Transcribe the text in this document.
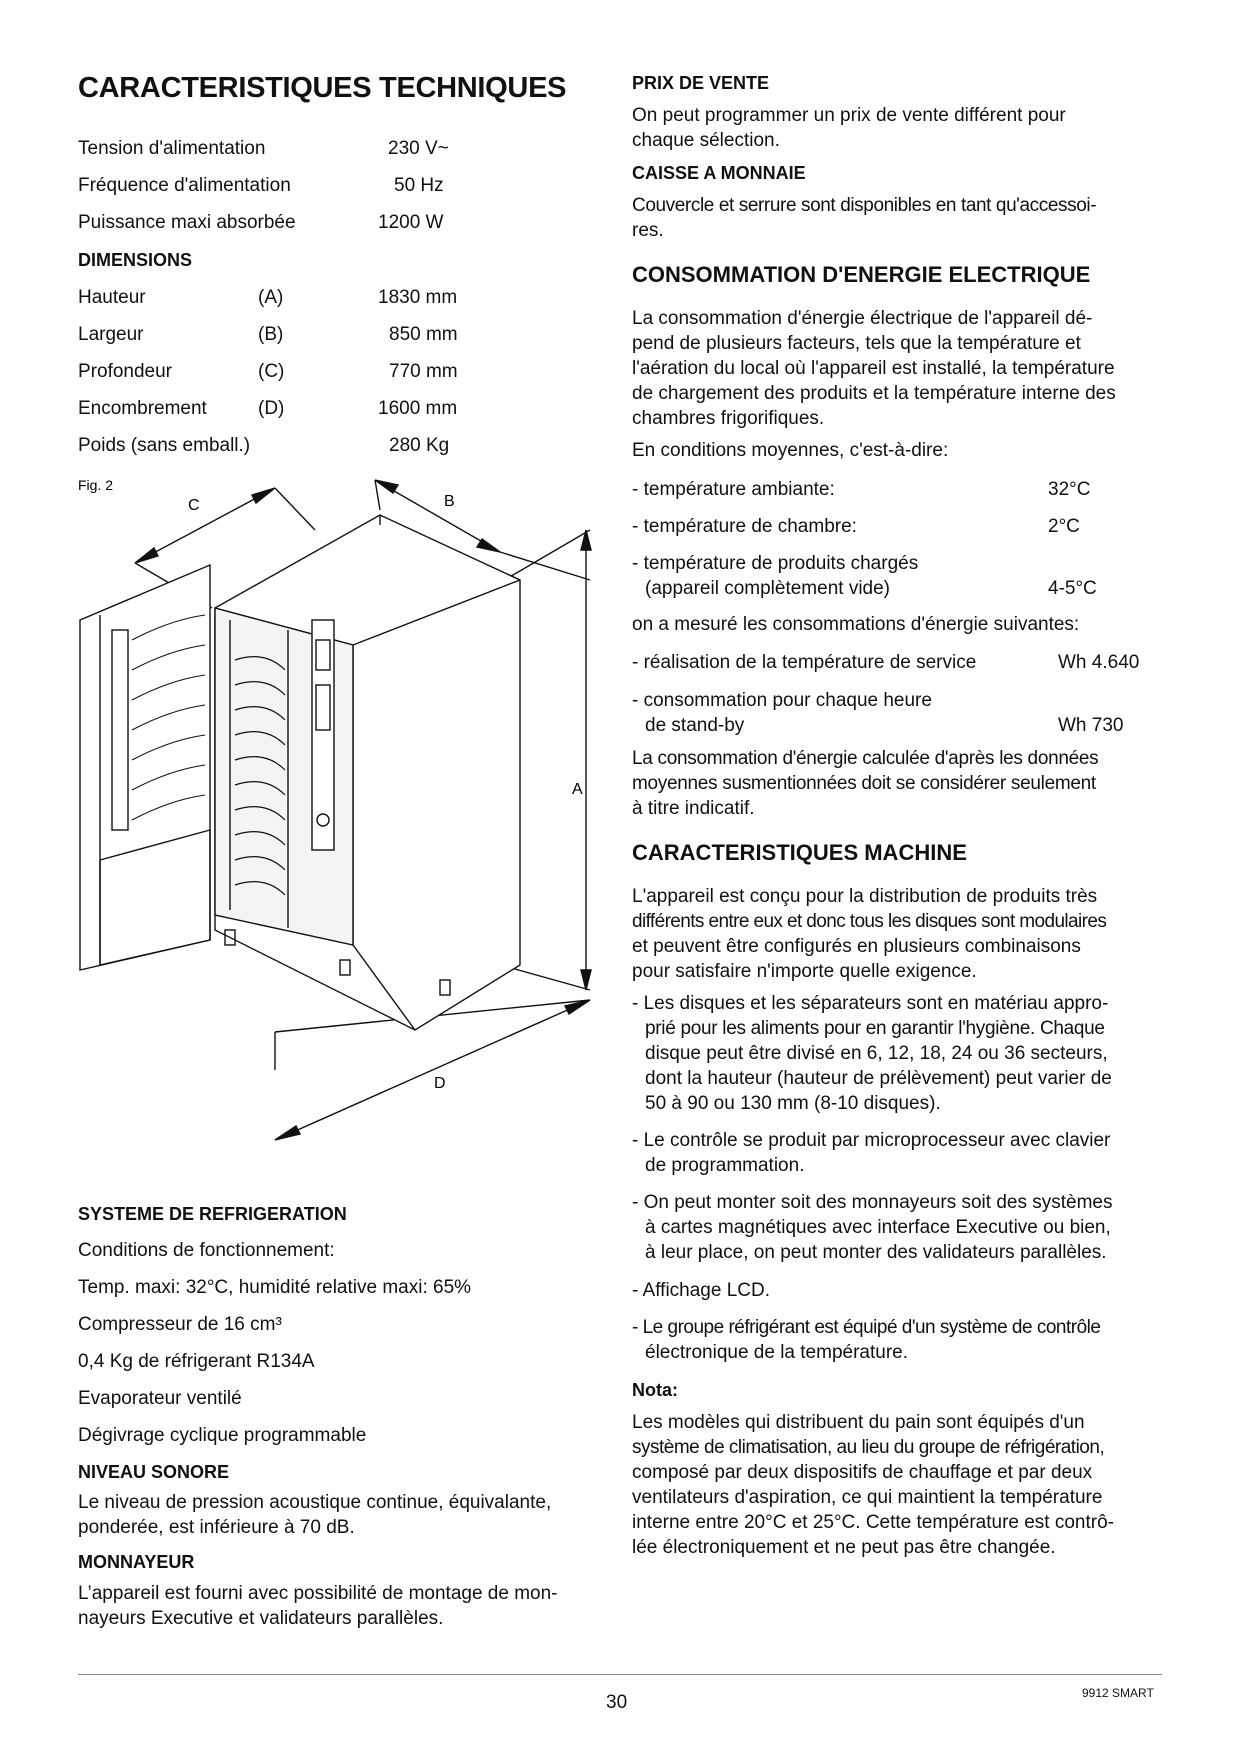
CARACTERISTIQUES TECHNIQUES
Tension d'alimentation	230 V~
Fréquence d'alimentation	50 Hz
Puissance maxi absorbée	1200 W
DIMENSIONS
Hauteur	(A)	1830 mm
Largeur	(B)	850 mm
Profondeur	(C)	770 mm
Encombrement	(D)	1600 mm
Poids (sans emball.)	280 Kg
Fig. 2
C	B
A
D
SYSTEME DE REFRIGERATION
Conditions de fonctionnement:
Temp. maxi: 32°C, humidité relative maxi: 65%
Compresseur de 16 cm³
0,4 Kg de réfrigerant R134A
Evaporateur ventilé
Dégivrage cyclique programmable
NIVEAU SONORE
Le niveau de pression acoustique continue, équivalante,
ponderée, est inférieure à 70 dB.
MONNAYEUR
L’appareil est fourni avec possibilité de montage de mon-
nayeurs Executive et validateurs parallèles.
PRIX DE VENTE
On peut programmer un prix de vente différent pour
chaque sélection.
CAISSE A MONNAIE
Couvercle et serrure sont disponibles en tant qu'accessoi-
res.
CONSOMMATION D'ENERGIE ELECTRIQUE
La consommation d'énergie électrique de l'appareil dé-
pend de plusieurs facteurs, tels que la température et
l'aération du local où l'appareil est installé, la température
de chargement des produits et la température interne des
chambres frigorifiques.
En conditions moyennes, c'est-à-dire:
- température ambiante:	32°C
- température de chambre:	2°C
- température de produits chargés
(appareil complètement vide)	4-5°C
on a mesuré les consommations d'énergie suivantes:
- réalisation de la température de service	Wh 4.640
- consommation pour chaque heure
de stand-by	Wh 730
La consommation d'énergie calculée d'après les données
moyennes susmentionnées doit se considérer seulement
à titre indicatif.
CARACTERISTIQUES MACHINE
L'appareil est conçu pour la distribution de produits très
différents entre eux et donc tous les disques sont modulaires
et peuvent être configurés en plusieurs combinaisons
pour satisfaire n'importe quelle exigence.
- Les disques et les séparateurs sont en matériau appro-
prié pour les aliments pour en garantir l'hygiène. Chaque
disque peut être divisé en 6, 12, 18, 24 ou 36 secteurs,
dont la hauteur (hauteur de prélèvement) peut varier de
50 à 90 ou 130 mm (8-10 disques).
- Le contrôle se produit par microprocesseur avec clavier
de programmation.
- On peut monter soit des monnayeurs soit des systèmes
à cartes magnétiques avec interface Executive ou bien,
à leur place, on peut monter des validateurs parallèles.
- Affichage LCD.
- Le groupe réfrigérant est équipé d'un système de contrôle
électronique de la température.
Nota:
Les modèles qui distribuent du pain sont équipés d'un
système de climatisation, au lieu du groupe de réfrigération,
composé par deux dispositifs de chauffage et par deux
ventilateurs d'aspiration, ce qui maintient la température
interne entre 20°C et 25°C. Cette température est contrô-
lée électroniquement et ne peut pas être changée.
30	9912 SMART
